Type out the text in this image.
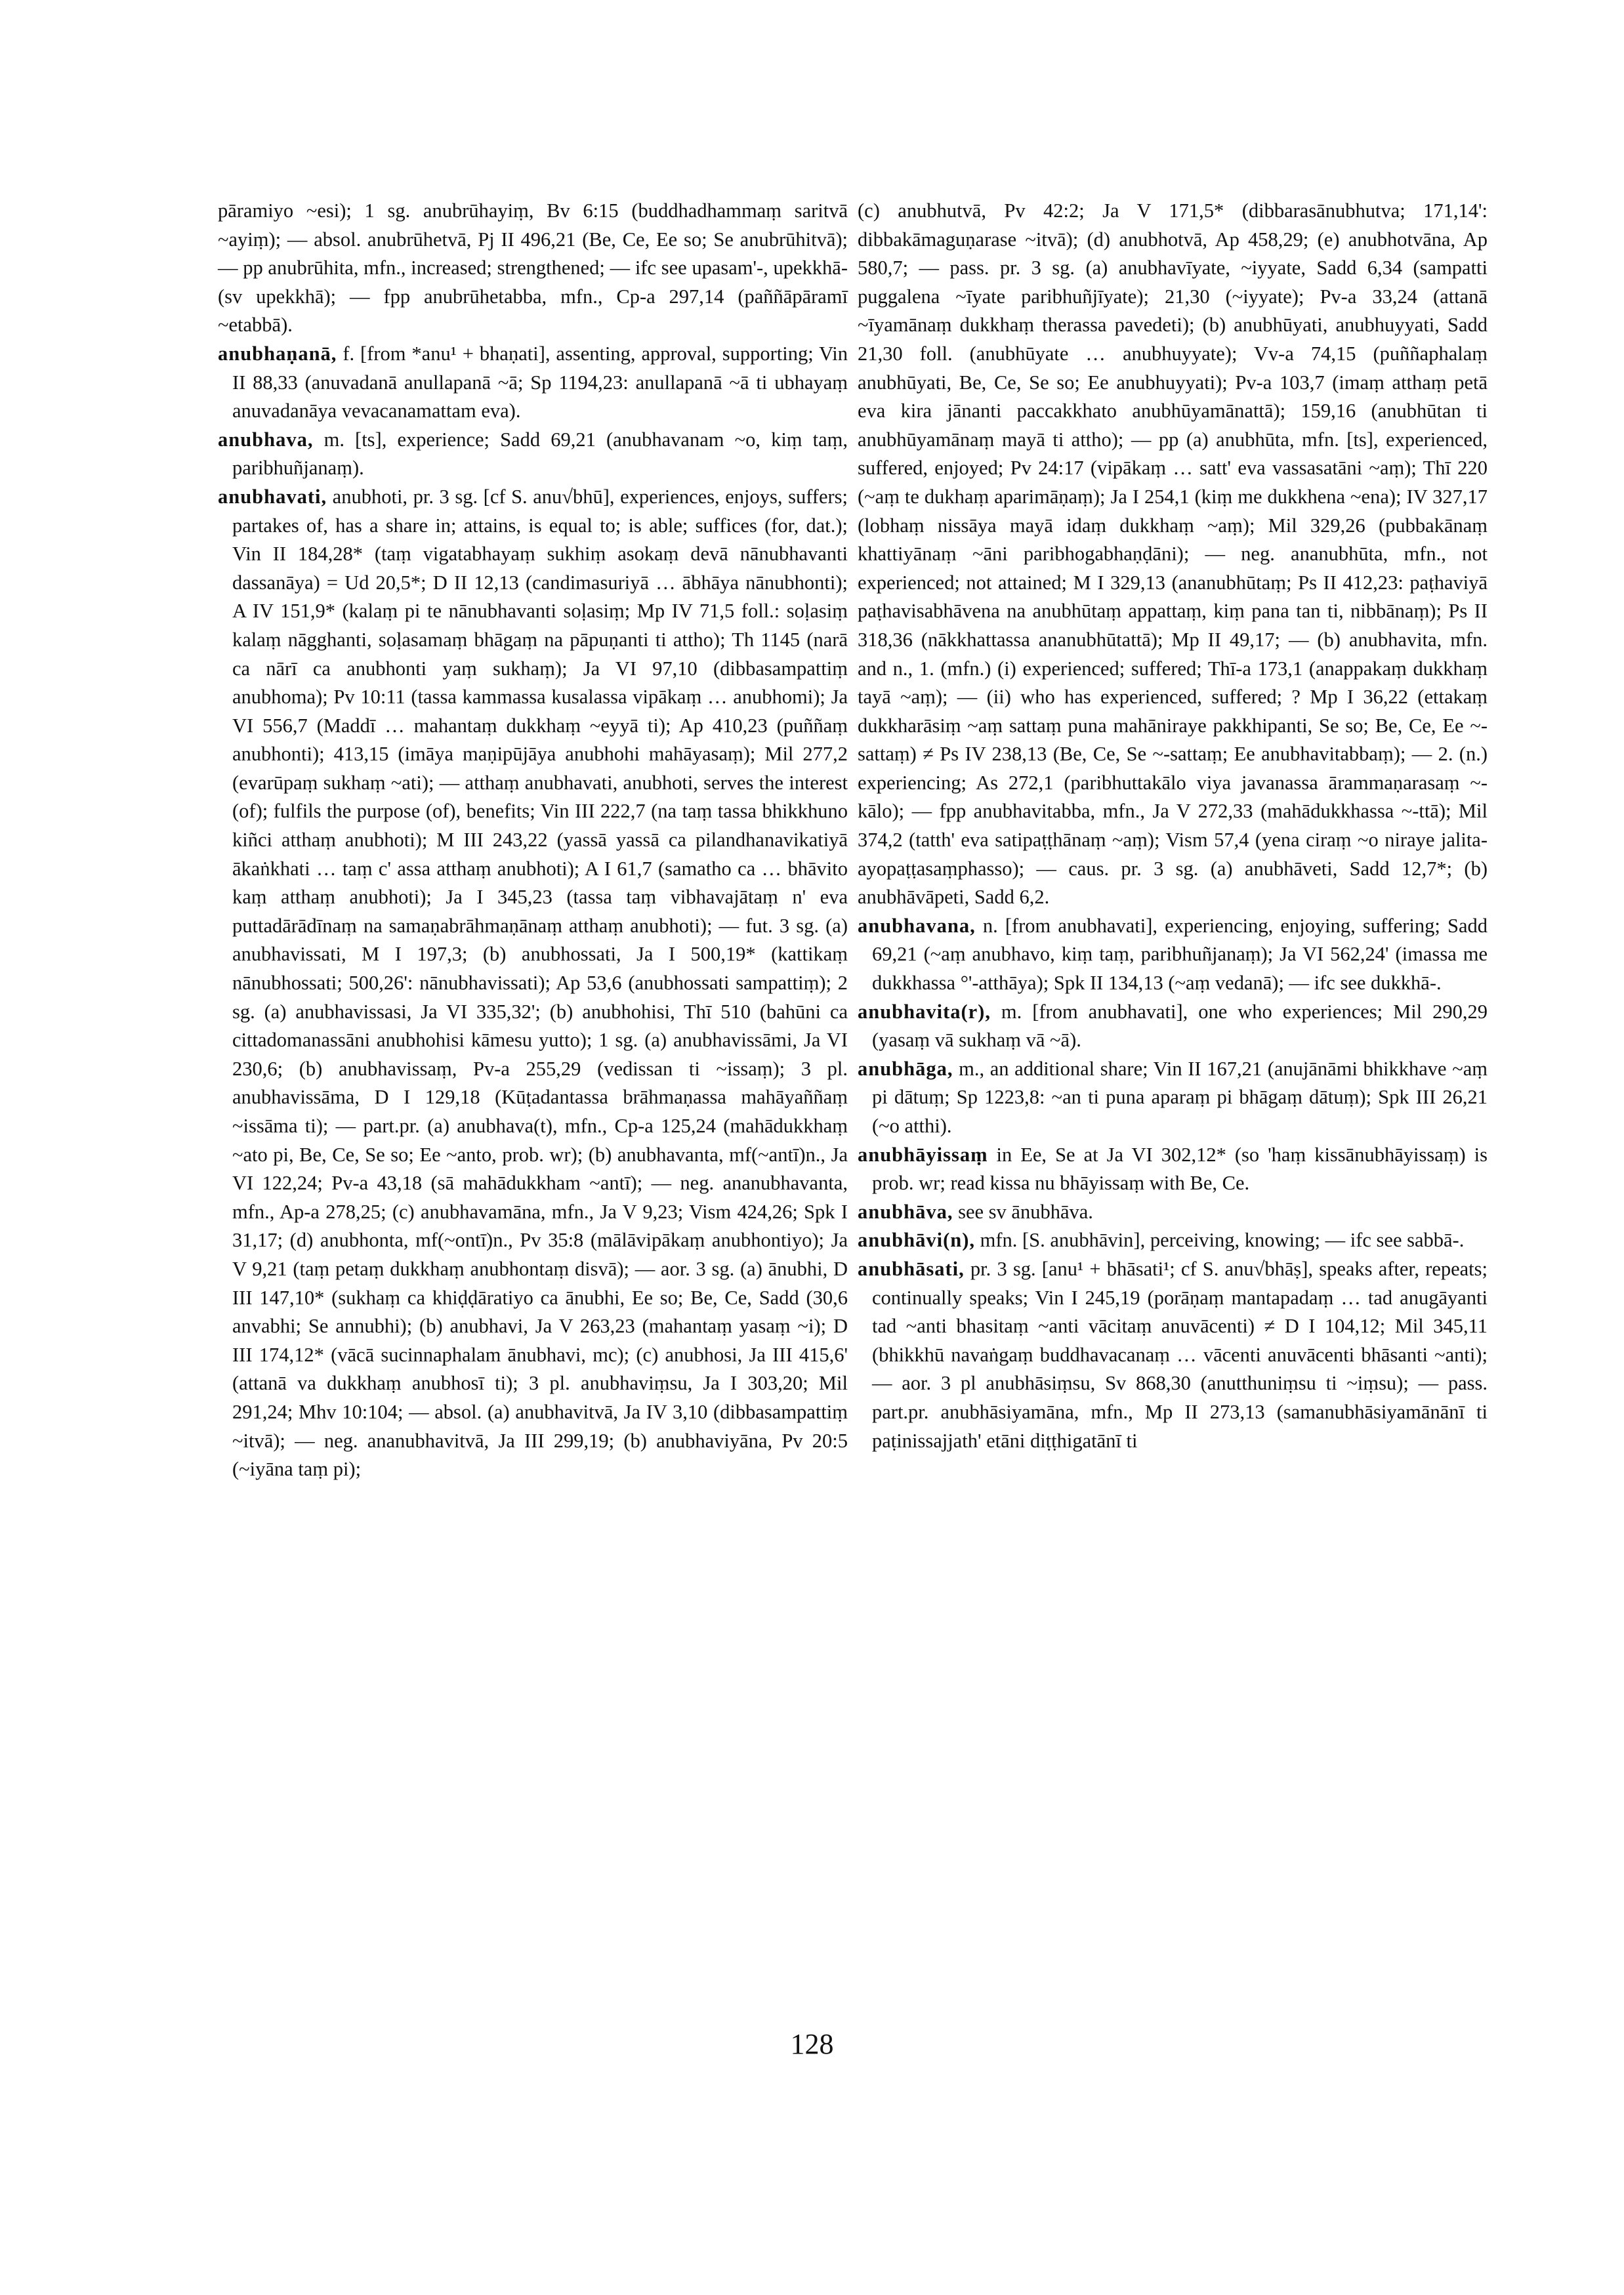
pāramiyo ~esi); 1 sg. anubrūhayiṃ, Bv 6:15 (buddhadhammaṃ saritvā ~ayiṃ); — absol. anubrūhetvā, Pj II 496,21 (Be, Ce, Ee so; Se anubrūhitvā); — pp anubrūhita, mfn., increased; strengthened; — ifc see upasam'-, upekkhā- (sv upekkhā); — fpp anubrūhetabba, mfn., Cp-a 297,14 (paññāpāramī ~etabbā).

anubhaṇanā, f. [from *anu¹ + bhaṇati], assenting, approval, supporting; Vin II 88,33 (anuvadanā anullapanā ~ā; Sp 1194,23: anullapanā ~ā ti ubhayaṃ anuvadanāya vevacanamattam eva).

anubhava, m. [ts], experience; Sadd 69,21 (anubhavanam ~o, kiṃ taṃ, paribhuñjanaṃ).

anubhavati, anubhoti, pr. 3 sg. [cf S. anu√bhū], experiences, enjoys, suffers; partakes of, has a share in; attains, is equal to; is able; suffices (for, dat.); Vin II 184,28* (taṃ vigatabhayaṃ sukhiṃ asokaṃ devā nānubhavanti dassanāya) = Ud 20,5*; D II 12,13 (candimasuriyā … ābhāya nānubhonti); A IV 151,9* (kalaṃ pi te nānubhavanti soḷasiṃ; Mp IV 71,5 foll.: soḷasiṃ kalaṃ nāgghanti, soḷasamaṃ bhāgaṃ na pāpuṇanti ti attho); Th 1145 (narā ca nārī ca anubhonti yaṃ sukhaṃ); Ja VI 97,10 (dibbasampattiṃ anubhoma); Pv 10:11 (tassa kammassa kusalassa vipākaṃ … anubhomi); Ja VI 556,7 (Maddī … mahantaṃ dukkhaṃ ~eyyā ti); Ap 410,23 (puññaṃ anubhonti); 413,15 (imāya maṇipūjāya anubhohi mahāyasaṃ); Mil 277,2 (evarūpaṃ sukhaṃ ~ati); — atthaṃ anubhavati, anubhoti, serves the interest (of); fulfils the purpose (of), benefits; Vin III 222,7 (na taṃ tassa bhikkhuno kiñci atthaṃ anubhoti); M III 243,22 (yassā yassā ca pilandhanavikatiyā ākaṅkhati … taṃ c' assa atthaṃ anubhoti); A I 61,7 (samatho ca … bhāvito kaṃ atthaṃ anubhoti); Ja I 345,23 (tassa taṃ vibhavajātaṃ n' eva puttadārādīnaṃ na samaṇabrāhmaṇānaṃ atthaṃ anubhoti); — fut. 3 sg. (a) anubhavissati, M I 197,3; (b) anubhossati, Ja I 500,19* (kattikaṃ nānubhossati; 500,26': nānubhavissati); Ap 53,6 (anubhossati sampattiṃ); 2 sg. (a) anubhavissasi, Ja VI 335,32'; (b) anubhohisi, Thī 510 (bahūni ca cittadomanassāni anubhohisi kāmesu yutto); 1 sg. (a) anubhavissāmi, Ja VI 230,6; (b) anubhavissaṃ, Pv-a 255,29 (vedissan ti ~issaṃ); 3 pl. anubhavissāma, D I 129,18 (Kūṭadantassa brāhmaṇassa mahāyaññaṃ ~issāma ti); — part.pr. (a) anubhava(t), mfn., Cp-a 125,24 (mahādukkhaṃ ~ato pi, Be, Ce, Se so; Ee ~anto, prob. wr); (b) anubhavanta, mf(~antī)n., Ja VI 122,24; Pv-a 43,18 (sā mahādukkham ~antī); — neg. ananubhavanta, mfn., Ap-a 278,25; (c) anubhavamāna, mfn., Ja V 9,23; Vism 424,26; Spk I 31,17; (d) anubhonta, mf(~ontī)n., Pv 35:8 (mālāvipākaṃ anubhontiyo); Ja V 9,21 (taṃ petaṃ dukkhaṃ anubhontaṃ disvā); — aor. 3 sg. (a) ānubhi, D III 147,10* (sukhaṃ ca khiḍḍāratiyo ca ānubhi, Ee so; Be, Ce, Sadd (30,6 anvabhi; Se annubhi); (b) anubhavi, Ja V 263,23 (mahantaṃ yasaṃ ~i); D III 174,12* (vācā sucinnaphalam ānubhavi, mc); (c) anubhosi, Ja III 415,6' (attanā va dukkhaṃ anubhosī ti); 3 pl. anubhaviṃsu, Ja I 303,20; Mil 291,24; Mhv 10:104; — absol. (a) anubhavitvā, Ja IV 3,10 (dibbasampattiṃ ~itvā); — neg. ananubhavitvā, Ja III 299,19; (b) anubhaviyāna, Pv 20:5 (~iyāna taṃ pi);

(c) anubhutvā, Pv 42:2; Ja V 171,5* (dibbarasānubhutva; 171,14': dibbakāmaguṇarase ~itvā); (d) anubhotvā, Ap 458,29; (e) anubhotvāna, Ap 580,7; — pass. pr. 3 sg. (a) anubhavīyate, ~iyyate, Sadd 6,34 (sampatti puggalena ~īyate paribhuñjīyate); 21,30 (~iyyate); Pv-a 33,24 (attanā ~īyamānaṃ dukkhaṃ therassa pavedeti); (b) anubhūyati, anubhuyyati, Sadd 21,30 foll. (anubhūyate … anubhuyyate); Vv-a 74,15 (puññaphalaṃ anubhūyati, Be, Ce, Se so; Ee anubhuyyati); Pv-a 103,7 (imaṃ atthaṃ petā eva kira jānanti paccakkhato anubhūyamānattā); 159,16 (anubhūtan ti anubhūyamānaṃ mayā ti attho); — pp (a) anubhūta, mfn. [ts], experienced, suffered, enjoyed; Pv 24:17 (vipākaṃ … satt' eva vassasatāni ~aṃ); Thī 220 (~aṃ te dukhaṃ aparimāṇaṃ); Ja I 254,1 (kiṃ me dukkhena ~ena); IV 327,17 (lobhaṃ nissāya mayā idaṃ dukkhaṃ ~aṃ); Mil 329,26 (pubbakānaṃ khattiyānaṃ ~āni paribhogabhaṇḍāni); — neg. ananubhūta, mfn., not experienced; not attained; M I 329,13 (ananubhūtaṃ; Ps II 412,23: paṭhaviyā paṭhavisabhāvena na anubhūtaṃ appattaṃ, kiṃ pana tan ti, nibbānaṃ); Ps II 318,36 (nākkhattassa ananubhūtattā); Mp II 49,17; — (b) anubhavita, mfn. and n., 1. (mfn.) (i) experienced; suffered; Thī-a 173,1 (anappakaṃ dukkhaṃ tayā ~aṃ); — (ii) who has experienced, suffered; ? Mp I 36,22 (ettakaṃ dukkharāsiṃ ~aṃ sattaṃ puna mahāniraye pakkhipanti, Se so; Be, Ce, Ee ~-sattaṃ) ≠ Ps IV 238,13 (Be, Ce, Se ~-sattaṃ; Ee anubhavitabbaṃ); — 2. (n.) experiencing; As 272,1 (paribhuttakālo viya javanassa ārammaṇarasaṃ ~-kālo); — fpp anubhavitabba, mfn., Ja V 272,33 (mahādukkhassa ~-ttā); Mil 374,2 (tatth' eva satipaṭṭhānaṃ ~aṃ); Vism 57,4 (yena ciraṃ ~o niraye jalita-ayopaṭṭasaṃphasso); — caus. pr. 3 sg. (a) anubhāveti, Sadd 12,7*; (b) anubhāvāpeti, Sadd 6,2.

anubhavana, n. [from anubhavati], experiencing, enjoying, suffering; Sadd 69,21 (~aṃ anubhavo, kiṃ taṃ, paribhuñjanaṃ); Ja VI 562,24' (imassa me dukkhassa °'-atthāya); Spk II 134,13 (~aṃ vedanā); — ifc see dukkhā-.

anubhavita(r), m. [from anubhavati], one who experiences; Mil 290,29 (yasaṃ vā sukhaṃ vā ~ā).

anubhāga, m., an additional share; Vin II 167,21 (anujānāmi bhikkhave ~aṃ pi dātuṃ; Sp 1223,8: ~an ti puna aparaṃ pi bhāgaṃ dātuṃ); Spk III 26,21 (~o atthi).

anubhāyissaṃ in Ee, Se at Ja VI 302,12* (so 'haṃ kissānubhāyissaṃ) is prob. wr; read kissa nu bhāyissaṃ with Be, Ce.

anubhāva, see sv ānubhāva.

anubhāvi(n), mfn. [S. anubhāvin], perceiving, knowing; — ifc see sabbā-.

anubhāsati, pr. 3 sg. [anu¹ + bhāsati¹; cf S. anu√bhāṣ], speaks after, repeats; continually speaks; Vin I 245,19 (porāṇaṃ mantapadaṃ … tad anugāyanti tad ~anti bhasitaṃ ~anti vācitaṃ anuvācenti) ≠ D I 104,12; Mil 345,11 (bhikkhū navaṅgaṃ buddhavacanaṃ … vācenti anuvācenti bhāsanti ~anti); — aor. 3 pl anubhāsiṃsu, Sv 868,30 (anutthuniṃsu ti ~iṃsu); — pass. part.pr. anubhāsiyamāna, mfn., Mp II 273,13 (samanubhāsiyamānānī ti paṭinissajjath' etāni diṭṭhigatānī ti

128
